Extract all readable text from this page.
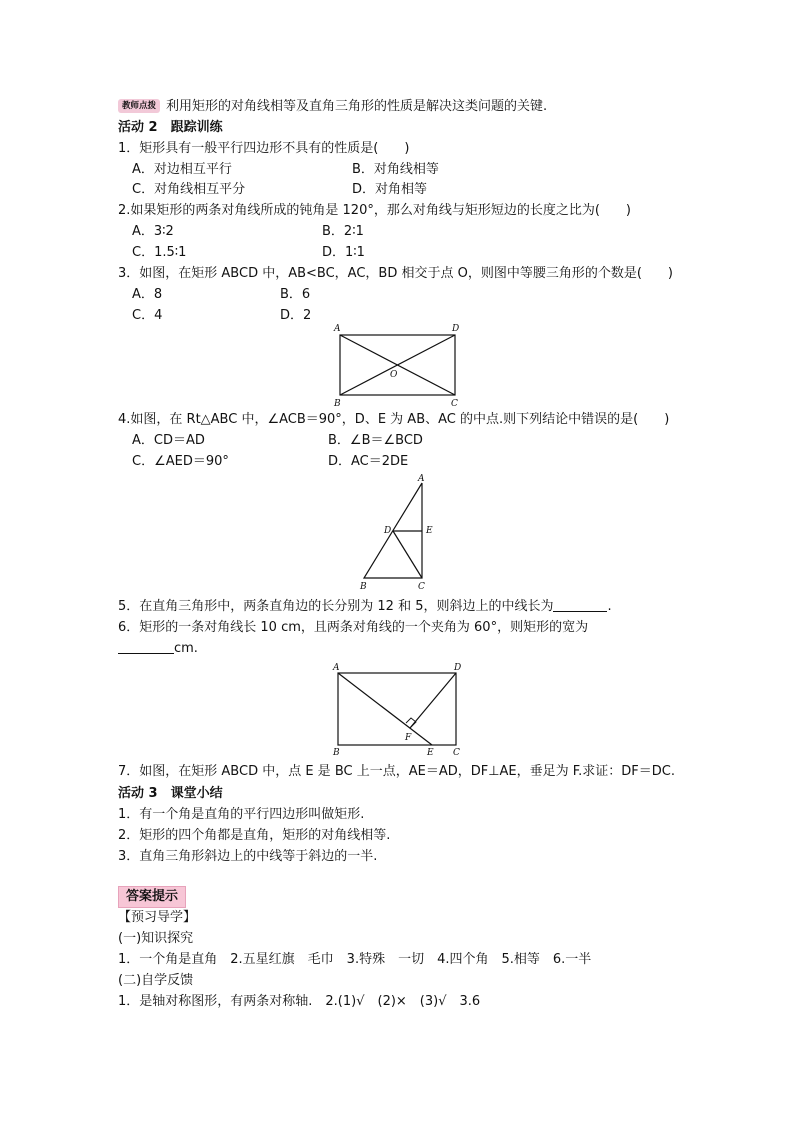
教师点拨 利用矩形的对角线相等及直角三角形的性质是解决这类问题的关键.
活动 2　跟踪训练
1．矩形具有一般平行四边形不具有的性质是(　　)
A．对边相互平行	B．对角线相等
C．对角线相互平分	D．对角相等
2.如果矩形的两条对角线所成的钝角是 120°，那么对角线与矩形短边的长度之比为(　　)
A．3∶2	B．2∶1
C．1.5∶1	D．1∶1
3．如图，在矩形 ABCD 中，AB<BC，AC，BD 相交于点 O，则图中等腰三角形的个数是(　　)
A．8	B．6
C．4	D．2
A	D
B	C
O
A
D	E
B	C
A	D
B	C
E
F
4.如图，在 Rt△ABC 中，∠ACB＝90°，D、E 为 AB、AC 的中点.则下列结论中错误的是(　　)
A．CD＝AD	B．∠B＝∠BCD
C．∠AED＝90°	D．AC＝2DE
5．在直角三角形中，两条直角边的长分别为 12 和 5，则斜边上的中线长为	.
6．矩形的一条对角线长 10 cm，且两条对角线的一个夹角为 60°，则矩形的宽为
cm.
7．如图，在矩形 ABCD 中，点 E 是 BC 上一点，AE＝AD，DF⊥AE，垂足为 F.求证：DF＝DC.
活动 3　课堂小结
1．有一个角是直角的平行四边形叫做矩形.
2．矩形的四个角都是直角，矩形的对角线相等.
3．直角三角形斜边上的中线等于斜边的一半.
答案提示
【预习导学】
(一)知识探究
1．一个角是直角　2.五星红旗　毛巾　3.特殊　一切　4.四个角　5.相等　6.一半
(二)自学反馈
1．是轴对称图形，有两条对称轴.　2.(1)√　(2)×　(3)√　3.6
